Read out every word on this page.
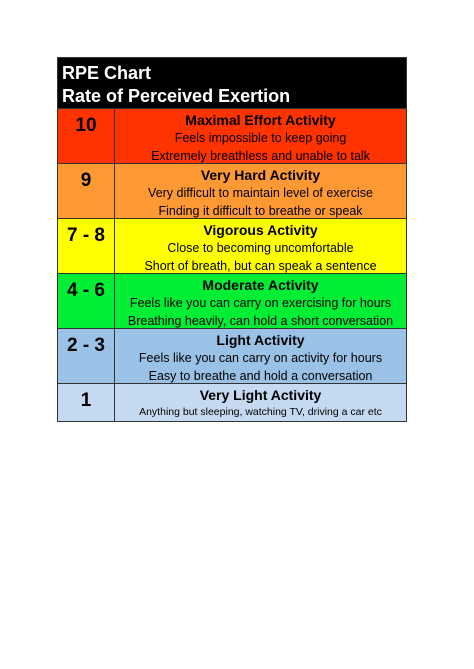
RPE Chart
Rate of Perceived Exertion
10	Maximal Effort Activity
Feels impossible to keep going
Extremely breathless and unable to talk
9	Very Hard Activity
Very difficult to maintain level of exercise
Finding it difficult to breathe or speak
7 - 8	Vigorous Activity
Close to becoming uncomfortable
Short of breath, but can speak a sentence
4 - 6	Moderate Activity
Feels like you can carry on exercising for hours
Breathing heavily, can hold a short conversation
2 - 3	Light Activity
Feels like you can carry on activity for hours
Easy to breathe and hold a conversation
1	Very Light Activity
Anything but sleeping, watching TV, driving a car etc
